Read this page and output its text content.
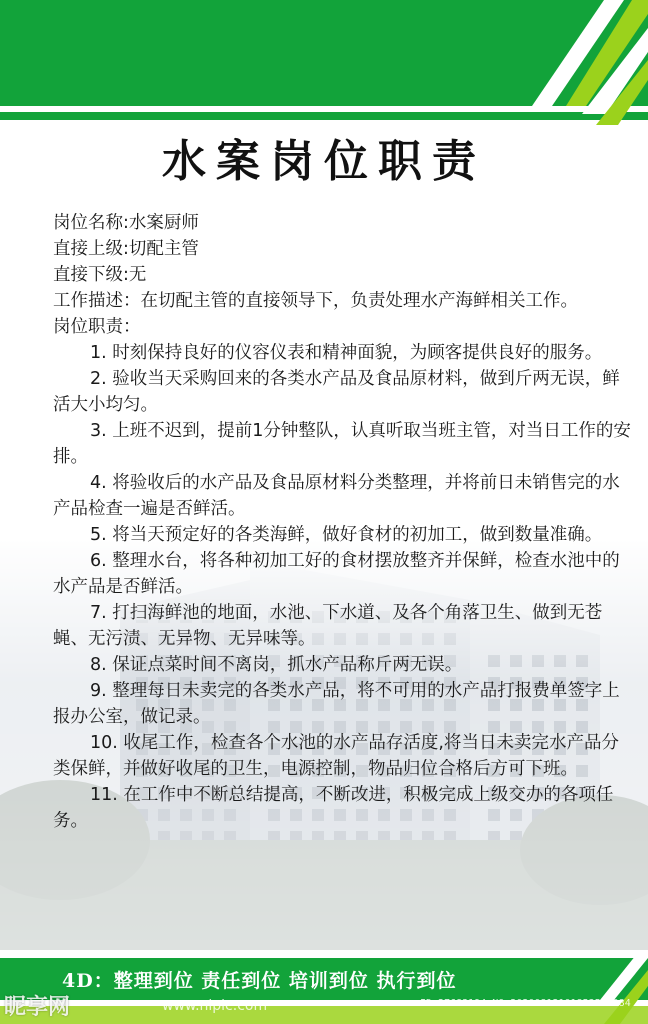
水案岗位职责

岗位名称:水案厨师

直接上级:切配主管

直接下级:无

工作描述：在切配主管的直接领导下，负责处理水产海鲜相关工作。

岗位职责：

1. 时刻保持良好的仪容仪表和精神面貌，为顾客提供良好的服务。

2. 验收当天采购回来的各类水产品及食品原材料，做到斤两无误，鲜活大小均匀。

3. 上班不迟到，提前1分钟整队，认真听取当班主管，对当日工作的安排。

4. 将验收后的水产品及食品原材料分类整理，并将前日未销售完的水产品检查一遍是否鲜活。

5. 将当天预定好的各类海鲜，做好食材的初加工，做到数量准确。

6. 整理水台，将各种初加工好的食材摆放整齐并保鲜，检查水池中的水产品是否鲜活。

7. 打扫海鲜池的地面，水池、下水道、及各个角落卫生、做到无苍蝇、无污渍、无异物、无异味等。

8. 保证点菜时间不离岗，抓水产品称斤两无误。

9. 整理每日未卖完的各类水产品，将不可用的水产品打报费单签字上报办公室，做记录。

10. 收尾工作，检查各个水池的水产品存活度,将当日未卖完水产品分类保鲜，并做好收尾的卫生，电源控制，物品归位合格后方可下班。

11. 在工作中不断总结提高，不断改进，积极完成上级交办的各项任务。

4D：整理到位 责任到位 培训到位 执行到位
昵享网	www.nipic.com	ID:27683194 NO:20200812101853569084
